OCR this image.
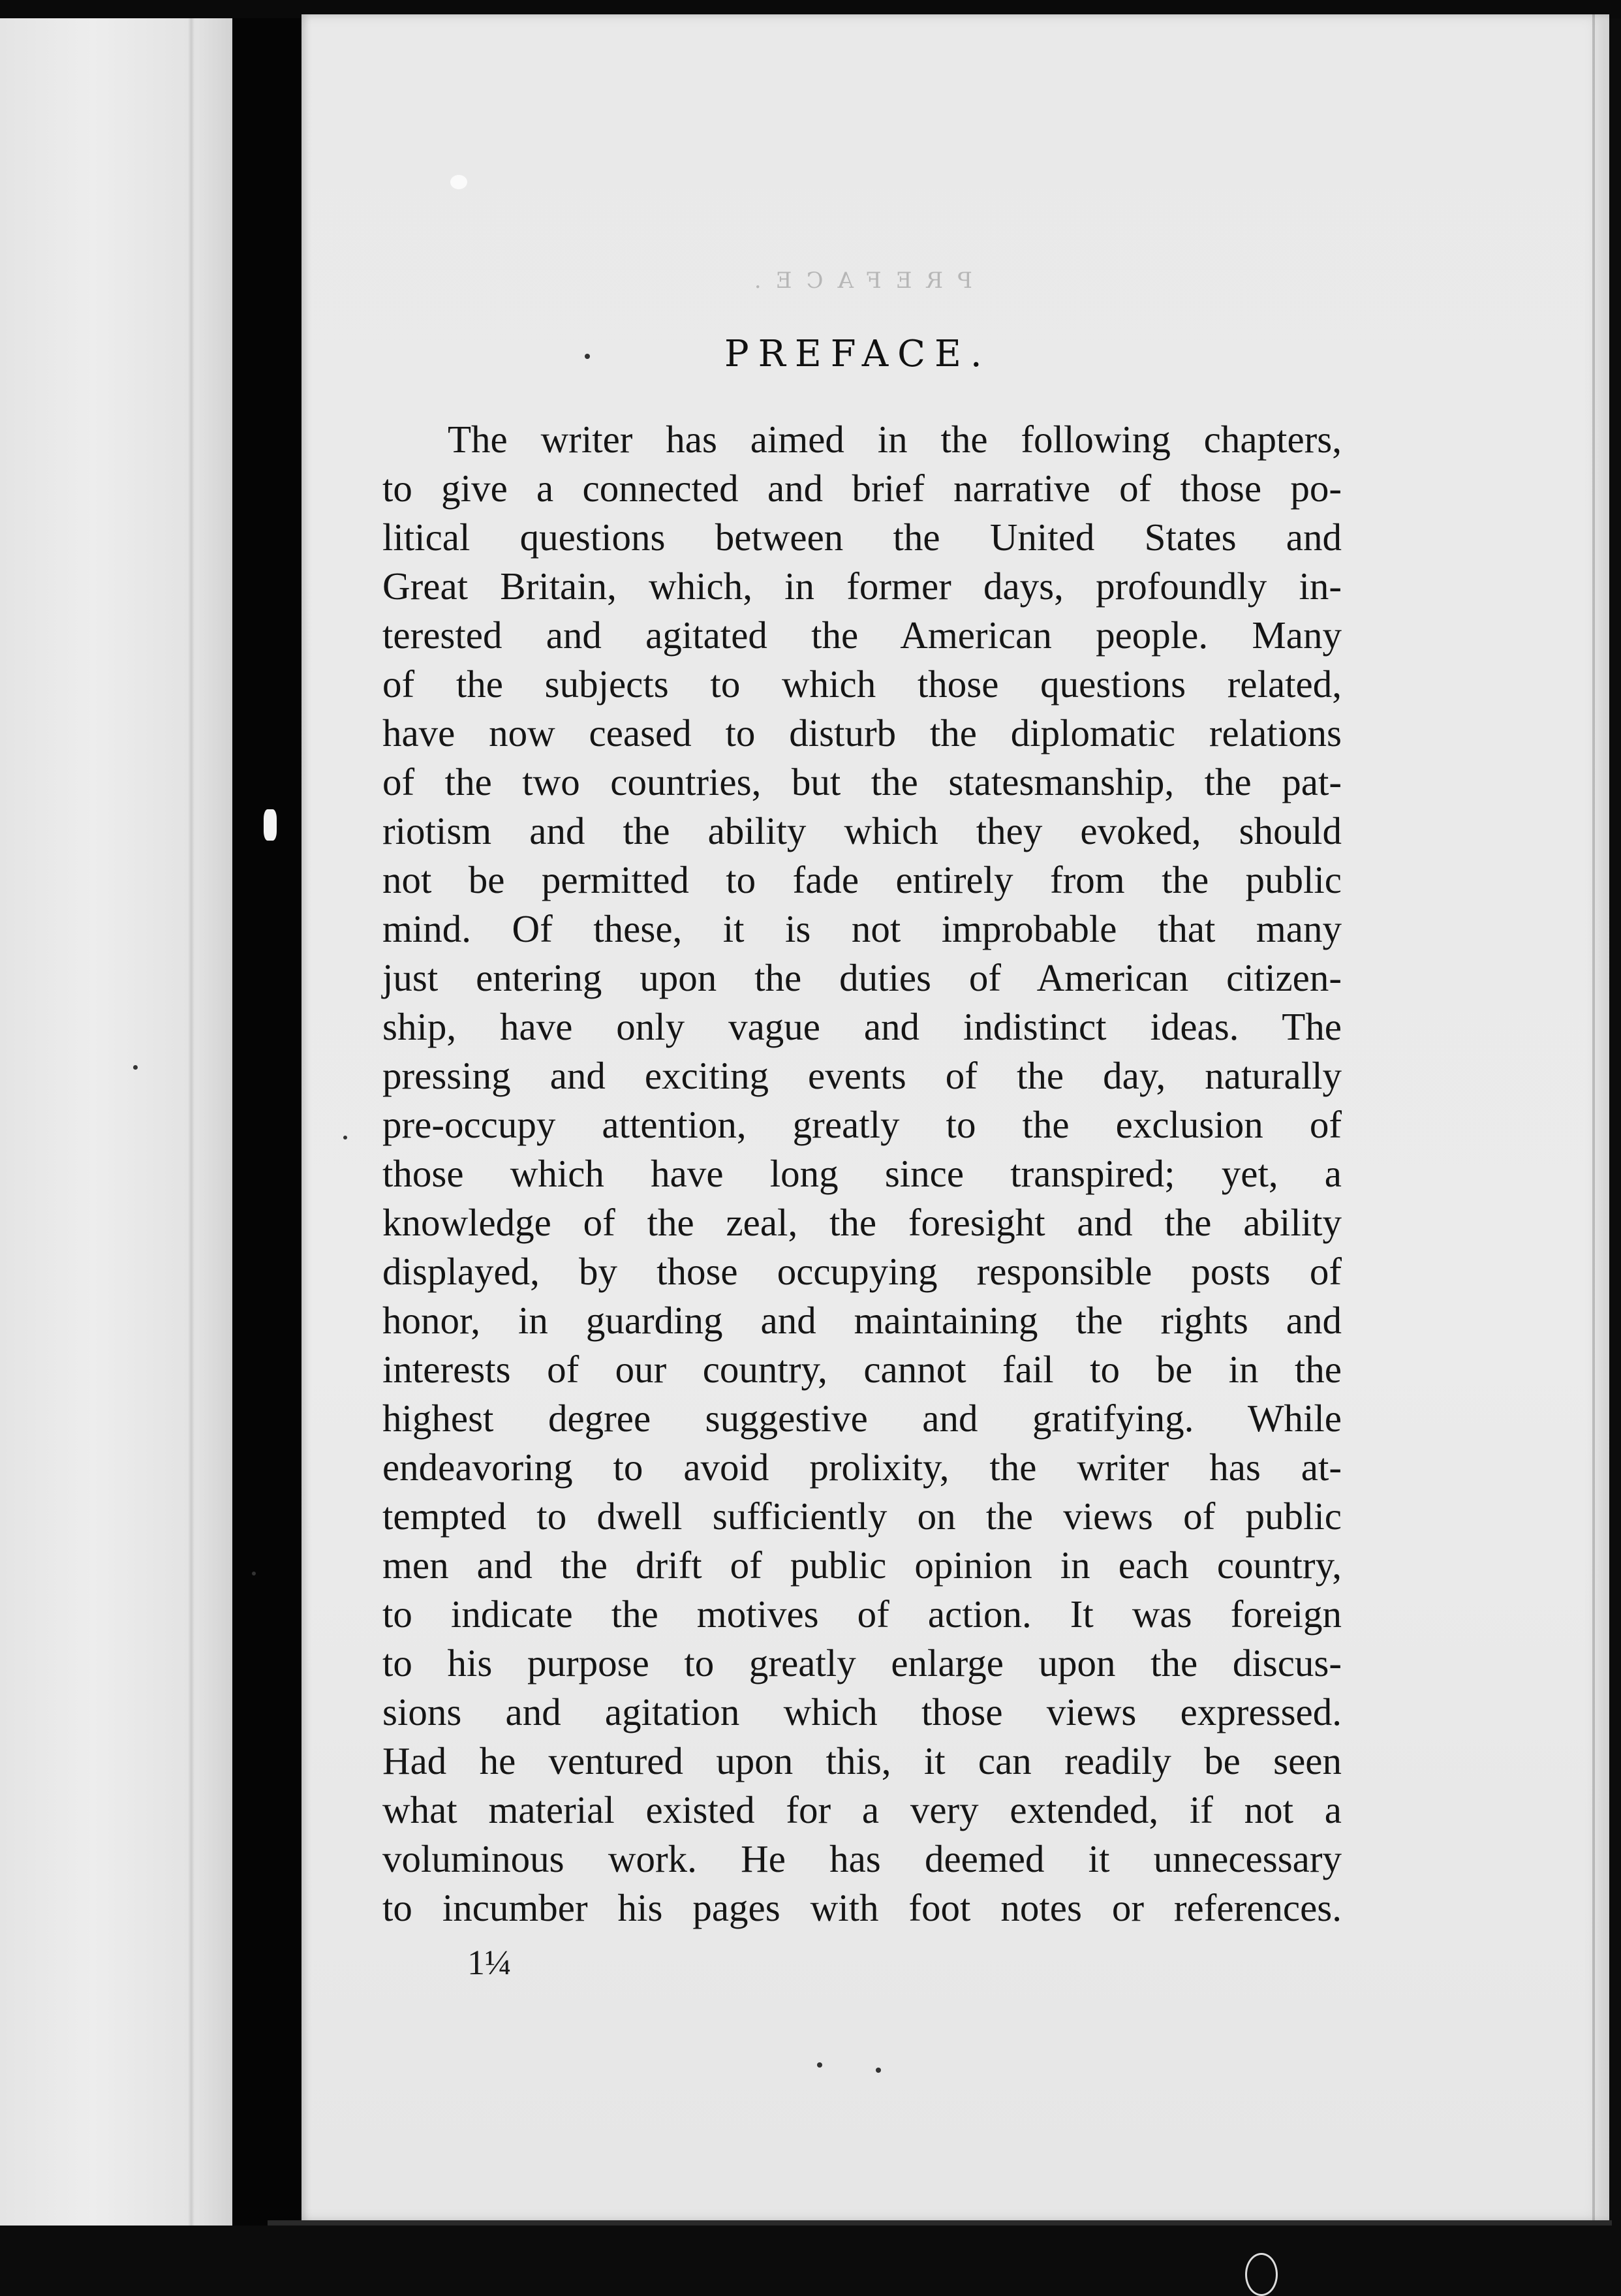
PREFACE.
PREFACE.
The writer has aimed in the following chapters,
to give a connected and brief narrative of those po-
litical questions between the United States and
Great Britain, which, in former days, profoundly in-
terested and agitated the American people. Many
of the subjects to which those questions related,
have now ceased to disturb the diplomatic relations
of the two countries, but the statesmanship, the pat-
riotism and the ability which they evoked, should
not be permitted to fade entirely from the public
mind. Of these, it is not improbable that many
just entering upon the duties of American citizen-
ship, have only vague and indistinct ideas. The
pressing and exciting events of the day, naturally
pre-occupy attention, greatly to the exclusion of
those which have long since transpired; yet, a
knowledge of the zeal, the foresight and the ability
displayed, by those occupying responsible posts of
honor, in guarding and maintaining the rights and
interests of our country, cannot fail to be in the
highest degree suggestive and gratifying. While
endeavoring to avoid prolixity, the writer has at-
tempted to dwell sufficiently on the views of public
men and the drift of public opinion in each country,
to indicate the motives of action. It was foreign
to his purpose to greatly enlarge upon the discus-
sions and agitation which those views expressed.
Had he ventured upon this, it can readily be seen
what material existed for a very extended, if not a
voluminous work. He has deemed it unnecessary
to incumber his pages with foot notes or references.
1¼
